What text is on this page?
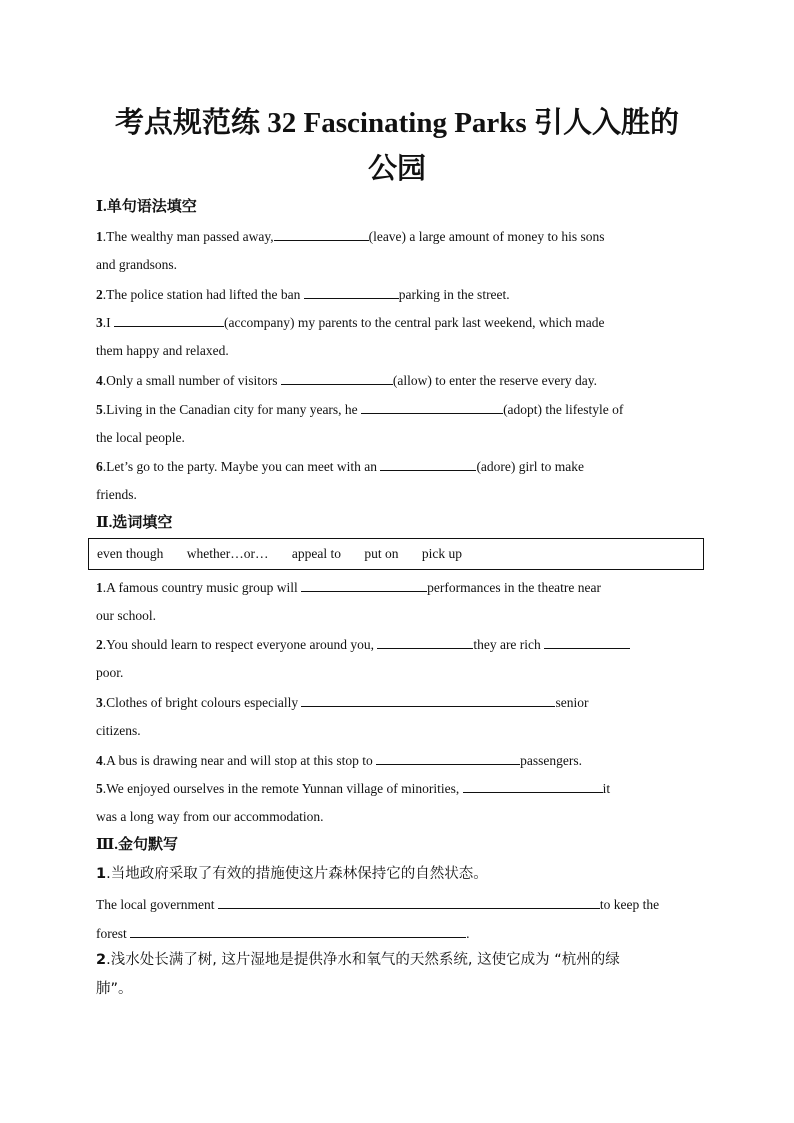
考点规范练 32 Fascinating Parks 引人入胜的
公园
Ⅰ.单句语法填空
1.The wealthy man passed away,	(leave) a large amount of money to his sons
and grandsons.
2.The police station had lifted the ban	parking in the street.
3.I	(accompany) my parents to the central park last weekend, which made
them happy and relaxed.
4.Only a small number of visitors	(allow) to enter the reserve every day.
5.Living in the Canadian city for many years, he	(adopt) the lifestyle of
the local people.
6.Let’s go to the party. Maybe you can meet with an	(adore) girl to make
friends.
Ⅱ.选词填空
even though whether…or… appeal to put on pick up
1.A famous country music group will	performances in the theatre near
our school.
2.You should learn to respect everyone around you,	they are rich
poor.
3.Clothes of bright colours especially	senior
citizens.
4.A bus is drawing near and will stop at this stop to	passengers.
5.We enjoyed ourselves in the remote Yunnan village of minorities,	it
was a long way from our accommodation.
Ⅲ.金句默写
1.当地政府采取了有效的措施使这片森林保持它的自然状态。
The local government	to keep the
forest	.
2.浅水处长满了树, 这片湿地是提供净水和氧气的天然系统, 这使它成为 “杭州的绿
肺”。
